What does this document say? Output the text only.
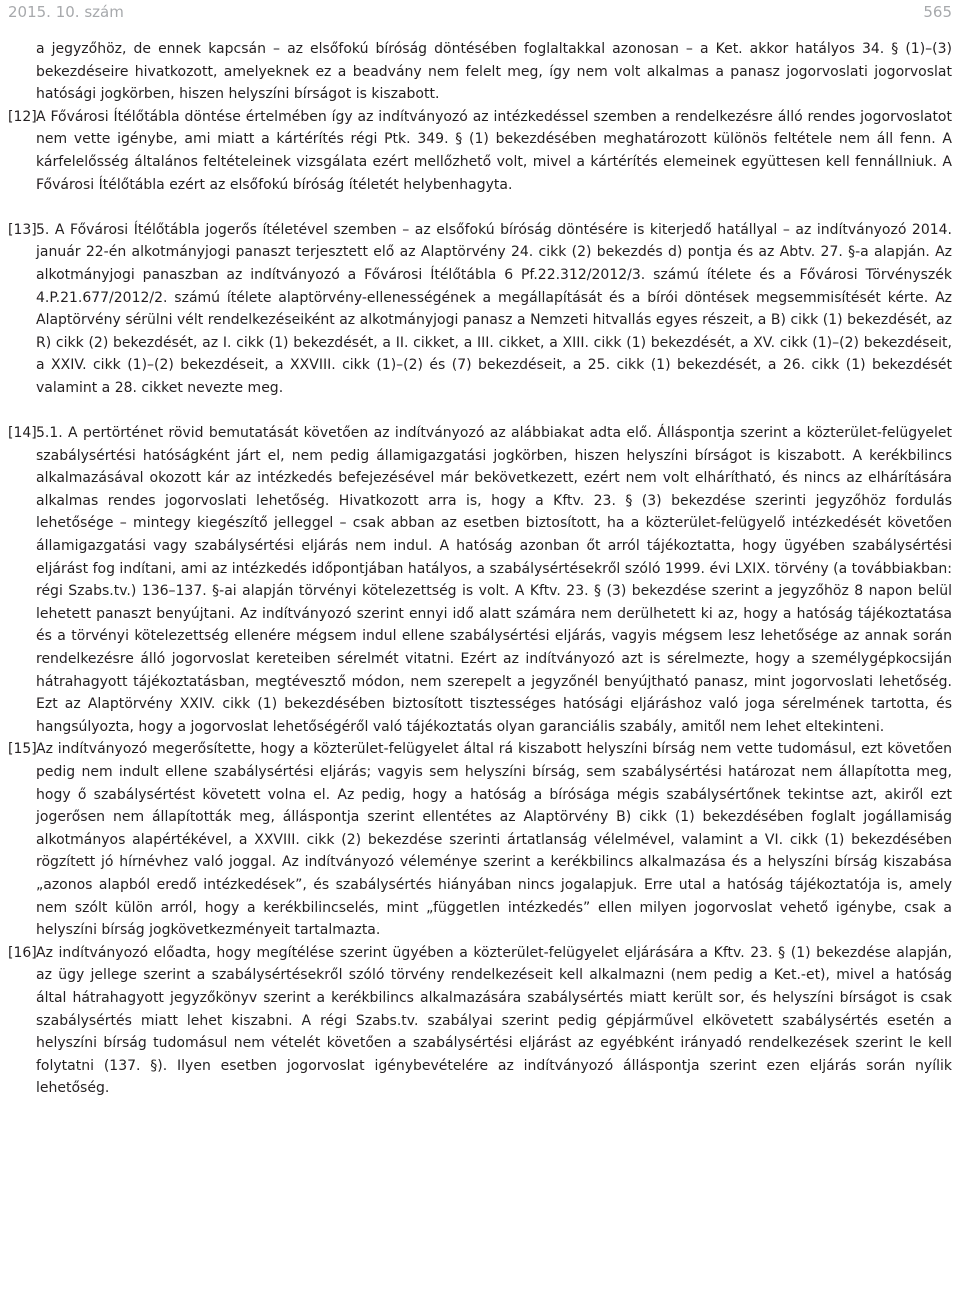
2015. 10. szám	565

a jegyzőhöz, de ennek kapcsán – az elsőfokú bíróság döntésében foglaltakkal azonosan – a Ket. akkor hatályos 34. § (1)–(3) bekezdéseire hivatkozott, amelyeknek ez a beadvány nem felelt meg, így nem volt alkalmas a panasz jogorvoslati jogorvoslat hatósági jogkörben, hiszen helyszíni bírságot is kiszabott.

[12] A Fővárosi Ítélőtábla döntése értelmében így az indítványozó az intézkedéssel szemben a rendelkezésre álló rendes jogorvoslatot nem vette igénybe, ami miatt a kártérítés régi Ptk. 349. § (1) bekezdésében meghatározott különös feltétele nem áll fenn. A kárfelelősség általános feltételeinek vizsgálata ezért mellőzhető volt, mivel a kártérítés elemeinek együttesen kell fennállniuk. A Fővárosi Ítélőtábla ezért az elsőfokú bíróság ítéletét helybenhagyta.

[13] 5. A Fővárosi Ítélőtábla jogerős ítéletével szemben – az elsőfokú bíróság döntésére is kiterjedő hatállyal – az indítványozó 2014. január 22-én alkotmányjogi panaszt terjesztett elő az Alaptörvény 24. cikk (2) bekezdés d) pontja és az Abtv. 27. §-a alapján. Az alkotmányjogi panaszban az indítványozó a Fővárosi Ítélőtábla 6 Pf.22.312/2012/3. számú ítélete és a Fővárosi Törvényszék 4.P.21.677/2012/2. számú ítélete alaptörvény-ellenességének a megállapítását és a bírói döntések megsemmisítését kérte. Az Alaptörvény sérülni vélt rendelkezéseiként az alkotmányjogi panasz a Nemzeti hitvallás egyes részeit, a B) cikk (1) bekezdését, az R) cikk (2) bekezdését, az I. cikk (1) bekezdését, a II. cikket, a III. cikket, a XIII. cikk (1) bekezdését, a XV. cikk (1)–(2) bekezdéseit, a XXIV. cikk (1)–(2) bekezdéseit, a XXVIII. cikk (1)–(2) és (7) bekezdéseit, a 25. cikk (1) bekezdését, a 26. cikk (1) bekezdését valamint a 28. cikket nevezte meg.

[14] 5.1. A pertörténet rövid bemutatását követően az indítványozó az alábbiakat adta elő. Álláspontja szerint a közterület-felügyelet szabálysértési hatóságként járt el, nem pedig államigazgatási jogkörben, hiszen helyszíni bírságot is kiszabott. A kerékbilincs alkalmazásával okozott kár az intézkedés befejezésével már bekövetkezett, ezért nem volt elhárítható, és nincs az elhárítására alkalmas rendes jogorvoslati lehetőség. Hivatkozott arra is, hogy a Kftv. 23. § (3) bekezdése szerinti jegyzőhöz fordulás lehetősége – mintegy kiegészítő jelleggel – csak abban az esetben biztosított, ha a közterület-felügyelő intézkedését követően államigazgatási vagy szabálysértési eljárás nem indul. A hatóság azonban őt arról tájékoztatta, hogy ügyében szabálysértési eljárást fog indítani, ami az intézkedés időpontjában hatályos, a szabálysértésekről szóló 1999. évi LXIX. törvény (a továbbiakban: régi Szabs.tv.) 136–137. §-ai alapján törvényi kötelezettség is volt. A Kftv. 23. § (3) bekezdése szerint a jegyzőhöz 8 napon belül lehetett panaszt benyújtani. Az indítványozó szerint ennyi idő alatt számára nem derülhetett ki az, hogy a hatóság tájékoztatása és a törvényi kötelezettség ellenére mégsem indul ellene szabálysértési eljárás, vagyis mégsem lesz lehetősége az annak során rendelkezésre álló jogorvoslat kereteiben sérelmét vitatni. Ezért az indítványozó azt is sérelmezte, hogy a személygépkocsiján hátrahagyott tájékoztatásban, megtévesztő módon, nem szerepelt a jegyzőnél benyújtható panasz, mint jogorvoslati lehetőség. Ezt az Alaptörvény XXIV. cikk (1) bekezdésében biztosított tisztességes hatósági eljáráshoz való joga sérelmének tartotta, és hangsúlyozta, hogy a jogorvoslat lehetőségéről való tájékoztatás olyan garanciális szabály, amitől nem lehet eltekinteni.

[15] Az indítványozó megerősítette, hogy a közterület-felügyelet által rá kiszabott helyszíni bírság nem vette tudomásul, ezt követően pedig nem indult ellene szabálysértési eljárás; vagyis sem helyszíni bírság, sem szabálysértési határozat nem állapította meg, hogy ő szabálysértést követett volna el. Az pedig, hogy a hatóság a bírósága mégis szabálysértőnek tekintse azt, akiről ezt jogerősen nem állapították meg, álláspontja szerint ellentétes az Alaptörvény B) cikk (1) bekezdésében foglalt jogállamiság alkotmányos alapértékével, a XXVIII. cikk (2) bekezdése szerinti ártatlanság vélelmével, valamint a VI. cikk (1) bekezdésében rögzített jó hírnévhez való joggal. Az indítványozó véleménye szerint a kerékbilincs alkalmazása és a helyszíni bírság kiszabása „azonos alapból eredő intézkedések”, és szabálysértés hiányában nincs jogalapjuk. Erre utal a hatóság tájékoztatója is, amely nem szólt külön arról, hogy a kerékbilincselés, mint „független intézkedés” ellen milyen jogorvoslat vehető igénybe, csak a helyszíni bírság jogkövetkezményeit tartalmazta.

[16] Az indítványozó előadta, hogy megítélése szerint ügyében a közterület-felügyelet eljárására a Kftv. 23. § (1) bekezdése alapján, az ügy jellege szerint a szabálysértésekről szóló törvény rendelkezéseit kell alkalmazni (nem pedig a Ket.-et), mivel a hatóság által hátrahagyott jegyzőkönyv szerint a kerékbilincs alkalmazására szabálysértés miatt került sor, és helyszíni bírságot is csak szabálysértés miatt lehet kiszabni. A régi Szabs.tv. szabályai szerint pedig gépjárművel elkövetett szabálysértés esetén a helyszíni bírság tudomásul nem vételét követően a szabálysértési eljárást az egyébként irányadó rendelkezések szerint le kell folytatni (137. §). Ilyen esetben jogorvoslat igénybevételére az indítványozó álláspontja szerint ezen eljárás során nyílik lehetőség.
